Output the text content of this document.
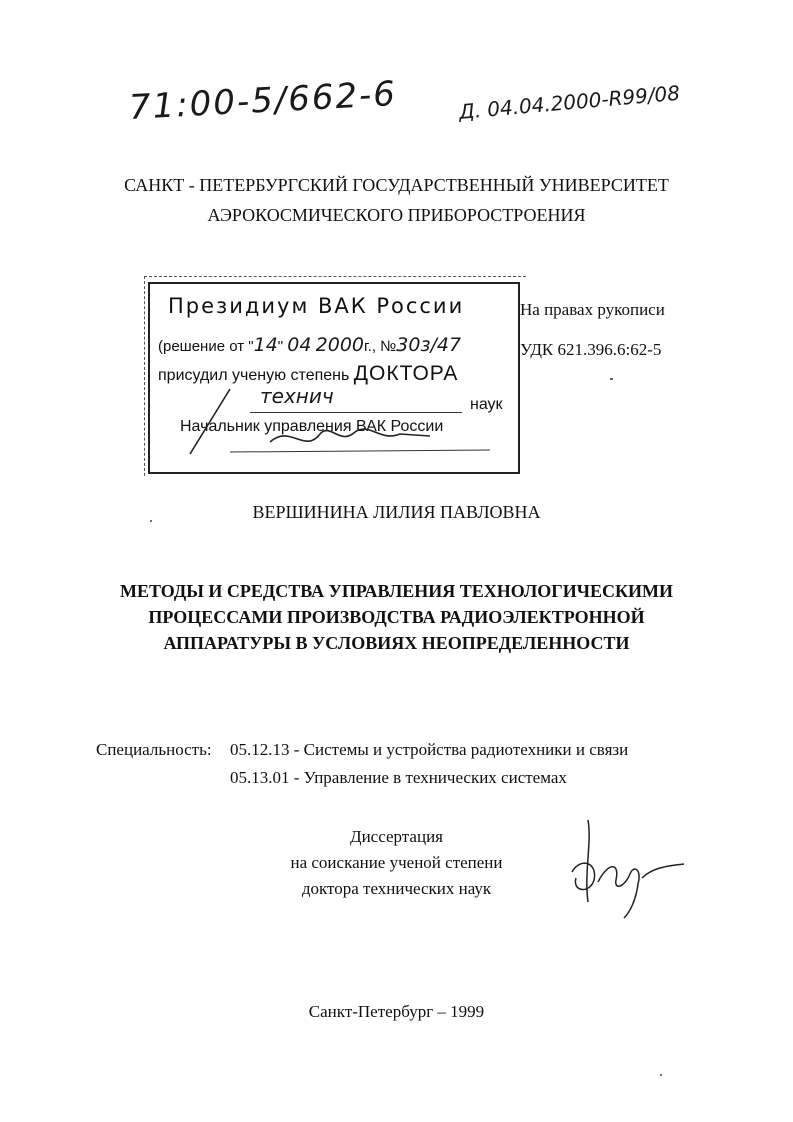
71:00-5/662-6	Д. 04.04.2000-R99/08
САНКТ - ПЕТЕРБУРГСКИЙ ГОСУДАРСТВЕННЫЙ УНИВЕРСИТЕТ
АЭРОКОСМИЧЕСКОГО ПРИБОРОСТРОЕНИЯ
Президиум ВАК России
(решение от "14" 04 2000г., №30з/47
присудил ученую степень ДОКТОРА
технич	наук
Начальник управления ВАК России
На правах рукописи
УДК 621.396.6:62-5
ВЕРШИНИНА ЛИЛИЯ ПАВЛОВНА
МЕТОДЫ И СРЕДСТВА УПРАВЛЕНИЯ ТЕХНОЛОГИЧЕСКИМИ
ПРОЦЕССАМИ ПРОИЗВОДСТВА РАДИОЭЛЕКТРОННОЙ
АППАРАТУРЫ В УСЛОВИЯХ НЕОПРЕДЕЛЕННОСТИ
Специальность: 05.12.13 - Системы и устройства радиотехники и связи
05.13.01 - Управление в технических системах
Диссертация
на соискание ученой степени
доктора технических наук
Санкт-Петербург – 1999
